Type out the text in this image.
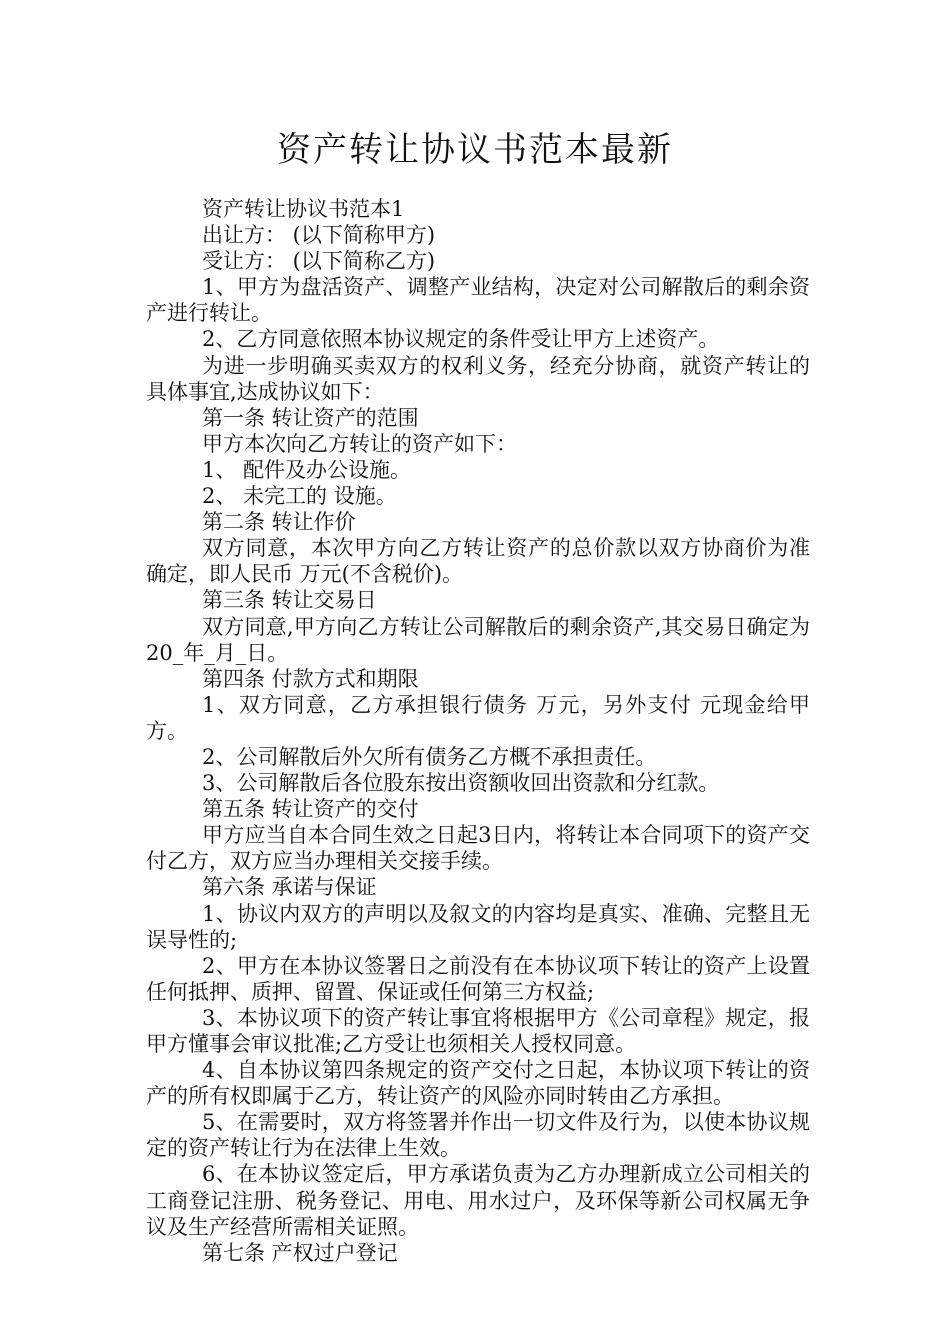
资产转让协议书范本最新

资产转让协议书范本1

出让方： (以下简称甲方)

受让方： (以下简称乙方)

1、甲方为盘活资产、调整产业结构，决定对公司解散后的剩余资产进行转让。

2、乙方同意依照本协议规定的条件受让甲方上述资产。

为进一步明确买卖双方的权利义务，经充分协商，就资产转让的具体事宜,达成协议如下：

第一条 转让资产的范围

甲方本次向乙方转让的资产如下：

1、 配件及办公设施。

2、 未完工的 设施。

第二条 转让作价

双方同意，本次甲方向乙方转让资产的总价款以双方协商价为准确定，即人民币 万元(不含税价)。

第三条 转让交易日

双方同意,甲方向乙方转让公司解散后的剩余资产,其交易日确定为20_年_月_日。

第四条 付款方式和期限

1、双方同意，乙方承担银行债务 万元，另外支付 元现金给甲方。

2、公司解散后外欠所有债务乙方概不承担责任。

3、公司解散后各位股东按出资额收回出资款和分红款。

第五条 转让资产的交付

甲方应当自本合同生效之日起3日内，将转让本合同项下的资产交付乙方，双方应当办理相关交接手续。

第六条 承诺与保证

1、协议内双方的声明以及叙文的内容均是真实、准确、完整且无误导性的;

2、甲方在本协议签署日之前没有在本协议项下转让的资产上设置任何抵押、质押、留置、保证或任何第三方权益;

3、本协议项下的资产转让事宜将根据甲方《公司章程》规定，报甲方懂事会审议批准;乙方受让也须相关人授权同意。

4、自本协议第四条规定的资产交付之日起，本协议项下转让的资产的所有权即属于乙方，转让资产的风险亦同时转由乙方承担。

5、在需要时，双方将签署并作出一切文件及行为，以使本协议规定的资产转让行为在法律上生效。

6、在本协议签定后，甲方承诺负责为乙方办理新成立公司相关的工商登记注册、税务登记、用电、用水过户，及环保等新公司权属无争议及生产经营所需相关证照。

第七条 产权过户登记
